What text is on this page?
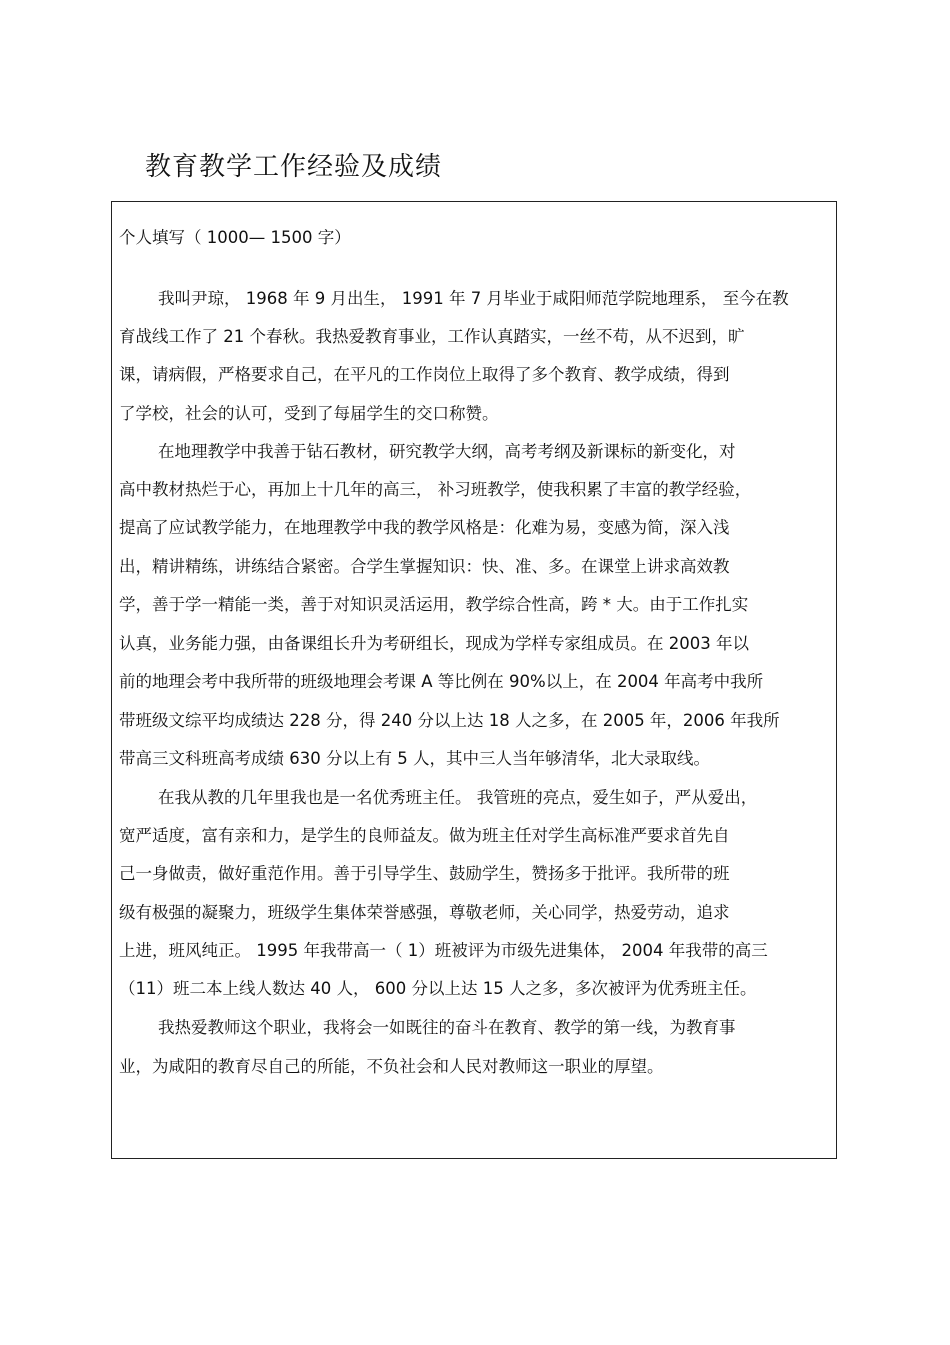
教育教学工作经验及成绩
个人填写（ 1000— 1500 字）
我叫尹琼， 1968 年 9 月出生， 1991 年 7 月毕业于咸阳师范学院地理系， 至今在教
育战线工作了 21 个春秋。我热爱教育事业，工作认真踏实，一丝不苟，从不迟到，旷
课，请病假，严格要求自己，在平凡的工作岗位上取得了多个教育、教学成绩，得到
了学校，社会的认可，受到了每届学生的交口称赞。
在地理教学中我善于钻石教材，研究教学大纲，高考考纲及新课标的新变化，对
高中教材热烂于心，再加上十几年的高三， 补习班教学，使我积累了丰富的教学经验，
提高了应试教学能力，在地理教学中我的教学风格是：化难为易，变感为简，深入浅
出，精讲精练，讲练结合紧密。合学生掌握知识：快、准、多。在课堂上讲求高效教
学，善于学一精能一类，善于对知识灵活运用，教学综合性高，跨 * 大。由于工作扎实
认真，业务能力强，由备课组长升为考研组长，现成为学样专家组成员。在 2003 年以
前的地理会考中我所带的班级地理会考课 A 等比例在 90%以上，在 2004 年高考中我所
带班级文综平均成绩达 228 分，得 240 分以上达 18 人之多，在 2005 年，2006 年我所
带高三文科班高考成绩 630 分以上有 5 人，其中三人当年够清华，北大录取线。
在我从教的几年里我也是一名优秀班主任。 我管班的亮点，爱生如子，严从爱出，
宽严适度，富有亲和力，是学生的良师益友。做为班主任对学生高标准严要求首先自
己一身做责，做好重范作用。善于引导学生、鼓励学生，赞扬多于批评。我所带的班
级有极强的凝聚力，班级学生集体荣誉感强，尊敬老师，关心同学，热爱劳动，追求
上进，班风纯正。 1995 年我带高一（ 1）班被评为市级先进集体， 2004 年我带的高三
（11）班二本上线人数达 40 人， 600 分以上达 15 人之多，多次被评为优秀班主任。
我热爱教师这个职业，我将会一如既往的奋斗在教育、教学的第一线，为教育事
业，为咸阳的教育尽自己的所能，不负社会和人民对教师这一职业的厚望。
